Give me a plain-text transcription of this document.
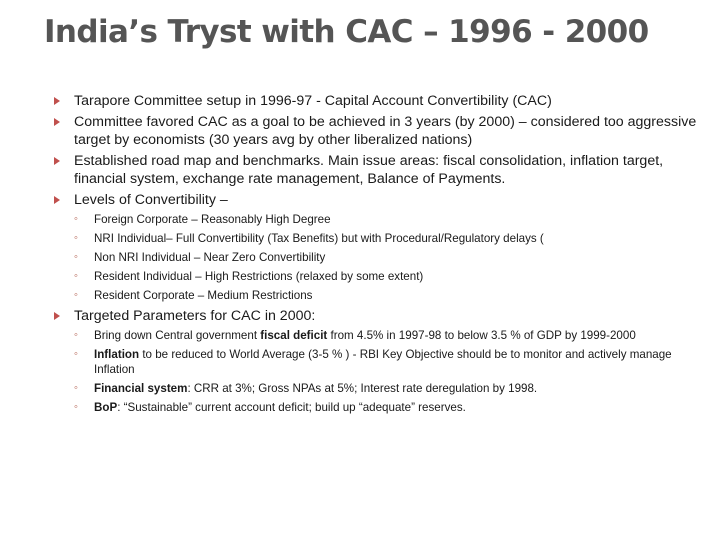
India’s Tryst with CAC – 1996 - 2000
Tarapore Committee setup in 1996-97 - Capital Account Convertibility (CAC)
Committee favored CAC as a goal to be achieved in 3 years (by 2000) – considered too aggressive target by economists (30 years avg by other liberalized nations)
Established road map and benchmarks. Main issue areas: fiscal consolidation, inflation target, financial system, exchange rate management, Balance of Payments.
Levels of Convertibility –
◦ Foreign Corporate – Reasonably High Degree
◦ NRI Individual– Full Convertibility (Tax Benefits) but with Procedural/Regulatory delays (
◦ Non NRI Individual – Near Zero Convertibility
◦ Resident Individual – High Restrictions (relaxed by some extent)
◦ Resident Corporate – Medium Restrictions
Targeted Parameters for CAC in 2000:
◦ Bring down Central government fiscal deficit from 4.5% in 1997-98 to below 3.5 % of GDP by 1999-2000
◦ Inflation to be reduced to World Average (3-5 % ) - RBI Key Objective should be to monitor and actively manage Inflation
◦ Financial system: CRR at 3%; Gross NPAs at 5%; Interest rate deregulation by 1998.
◦ BoP: “Sustainable” current account deficit; build up “adequate” reserves.
